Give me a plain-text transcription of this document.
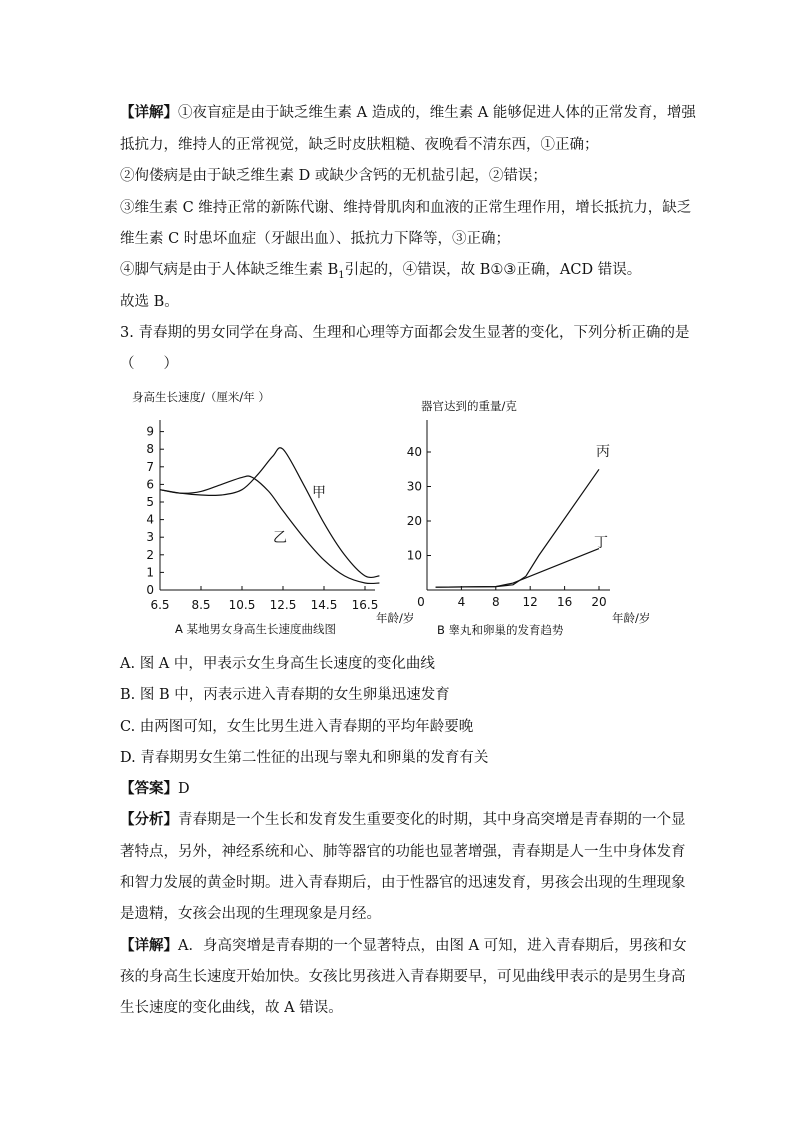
【详解】①夜盲症是由于缺乏维生素 A 造成的，维生素 A 能够促进人体的正常发育，增强
抵抗力，维持人的正常视觉，缺乏时皮肤粗糙、夜晚看不清东西，①正确；
②佝偻病是由于缺乏维生素 D 或缺少含钙的无机盐引起，②错误；
③维生素 C 维持正常的新陈代谢、维持骨肌肉和血液的正常生理作用，增长抵抗力，缺乏
维生素 C 时患坏血症（牙龈出血）、抵抗力下降等，③正确；
④脚气病是由于人体缺乏维生素 $B_1$引起的，④错误，故 B①③正确，ACD 错误。
故选 B。
3. 青春期的男女同学在身高、生理和心理等方面都会发生显著的变化，下列分析正确的是
（　　）
身高生长速度/（厘米/年 ）
0
1
2
3
4
5
6
7
8
9
6.5 8.5 10.5 12.5 14.5 16.5
甲
乙
年龄/岁
A 某地男女身高生长速度曲线图
器官达到的重量/克
0
10
20
30
40
4 8 12 16 20
丙
丁
年龄/岁
B 睾丸和卵巢的发育趋势
A. 图 A 中，甲表示女生身高生长速度的变化曲线
B. 图 B 中，丙表示进入青春期的女生卵巢迅速发育
C. 由两图可知，女生比男生进入青春期的平均年龄要晚
D. 青春期男女生第二性征的出现与睾丸和卵巢的发育有关
【答案】D
【分析】青春期是一个生长和发育发生重要变化的时期，其中身高突增是青春期的一个显
著特点，另外，神经系统和心、肺等器官的功能也显著增强，青春期是人一生中身体发育
和智力发展的黄金时期。进入青春期后，由于性器官的迅速发育，男孩会出现的生理现象
是遗精，女孩会出现的生理现象是月经。
【详解】A．身高突增是青春期的一个显著特点，由图 A 可知，进入青春期后，男孩和女
孩的身高生长速度开始加快。女孩比男孩进入青春期要早，可见曲线甲表示的是男生身高
生长速度的变化曲线，故 A 错误。
